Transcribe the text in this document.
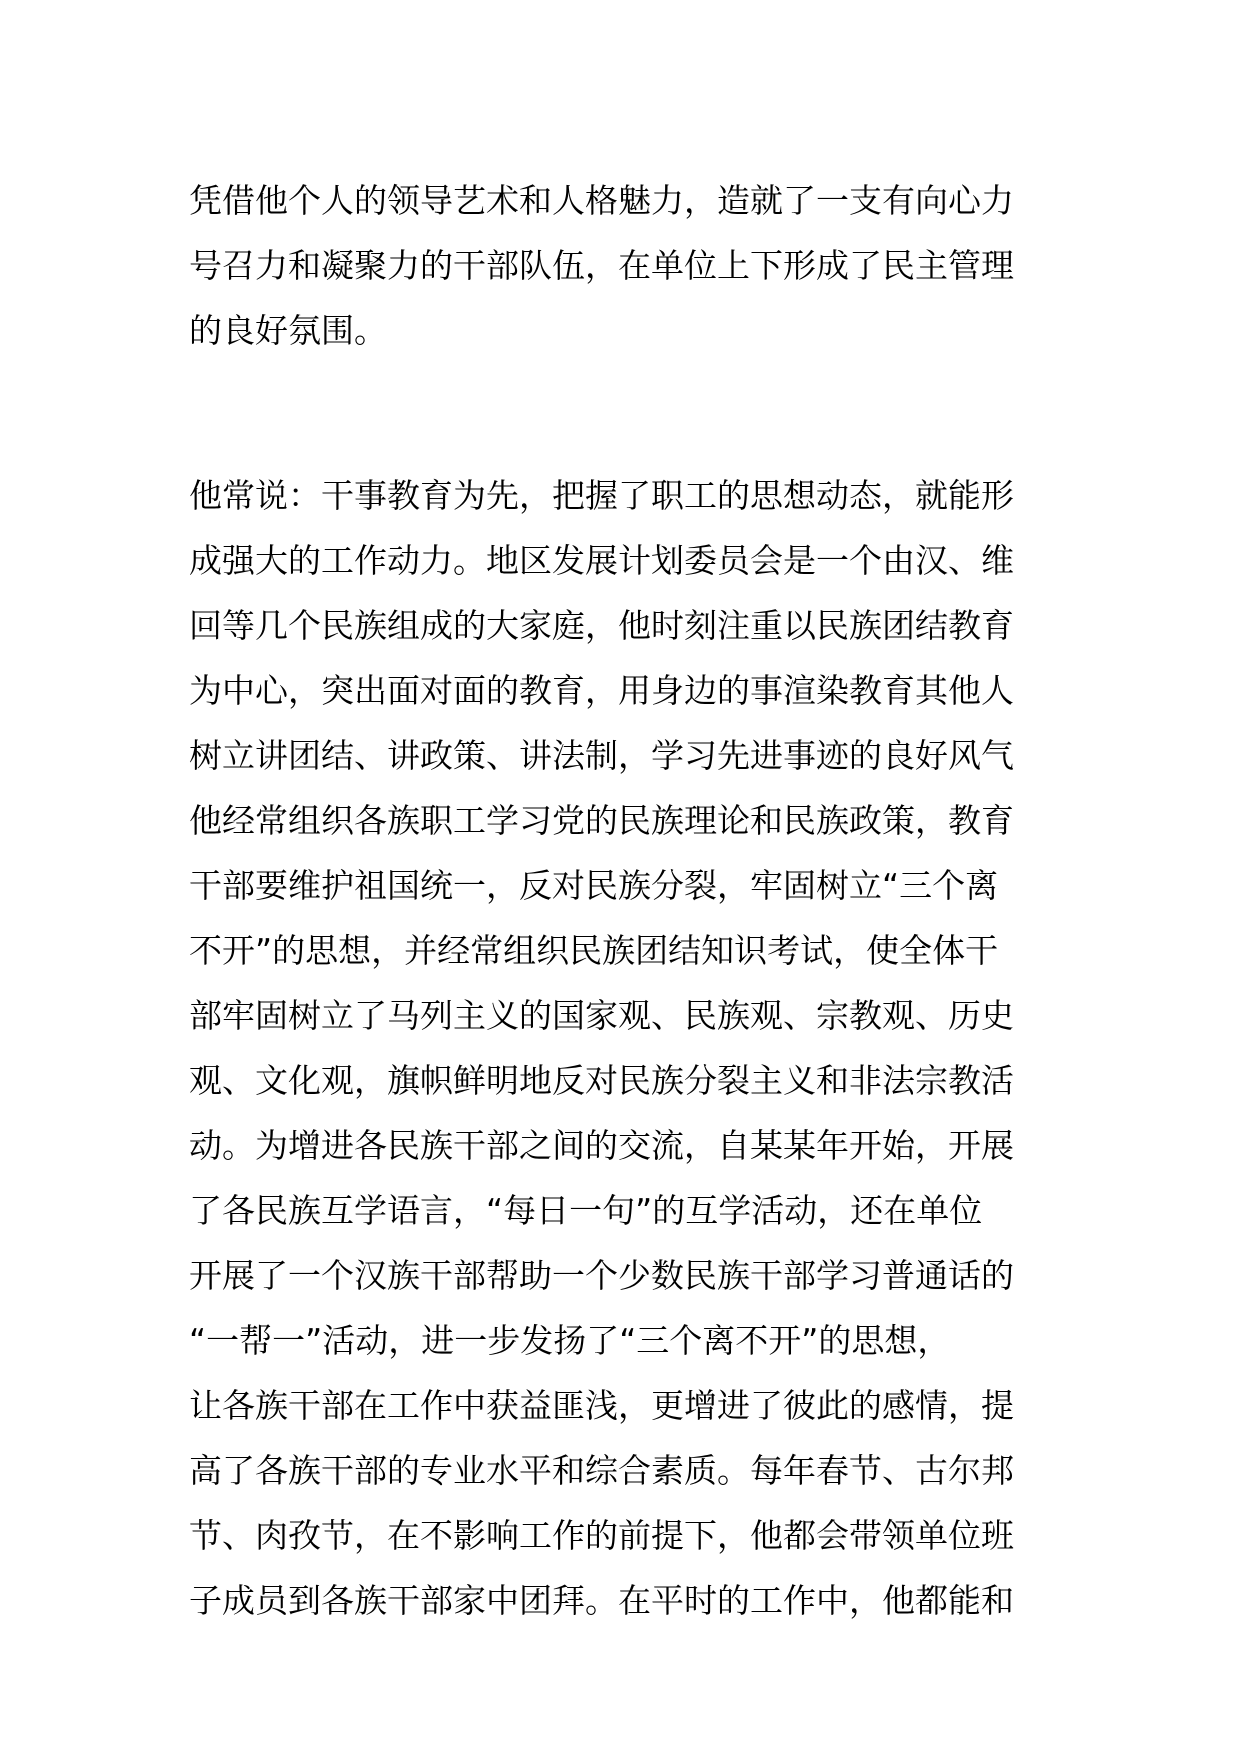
凭借他个人的领导艺术和人格魅力，造就了一支有向心力
号召力和凝聚力的干部队伍，在单位上下形成了民主管理
的良好氛围。
他常说：干事教育为先，把握了职工的思想动态，就能形
成强大的工作动力。地区发展计划委员会是一个由汉、维
回等几个民族组成的大家庭，他时刻注重以民族团结教育
为中心，突出面对面的教育，用身边的事渲染教育其他人
树立讲团结、讲政策、讲法制，学习先进事迹的良好风气
他经常组织各族职工学习党的民族理论和民族政策，教育
干部要维护祖国统一，反对民族分裂，牢固树立“三个离
不开”的思想，并经常组织民族团结知识考试，使全体干
部牢固树立了马列主义的国家观、民族观、宗教观、历史
观、文化观，旗帜鲜明地反对民族分裂主义和非法宗教活
动。为增进各民族干部之间的交流，自某某年开始，开展
了各民族互学语言，“每日一句”的互学活动，还在单位
开展了一个汉族干部帮助一个少数民族干部学习普通话的
“一帮一”活动，进一步发扬了“三个离不开”的思想，
让各族干部在工作中获益匪浅，更增进了彼此的感情，提
高了各族干部的专业水平和综合素质。每年春节、古尔邦
节、肉孜节，在不影响工作的前提下，他都会带领单位班
子成员到各族干部家中团拜。在平时的工作中，他都能和
